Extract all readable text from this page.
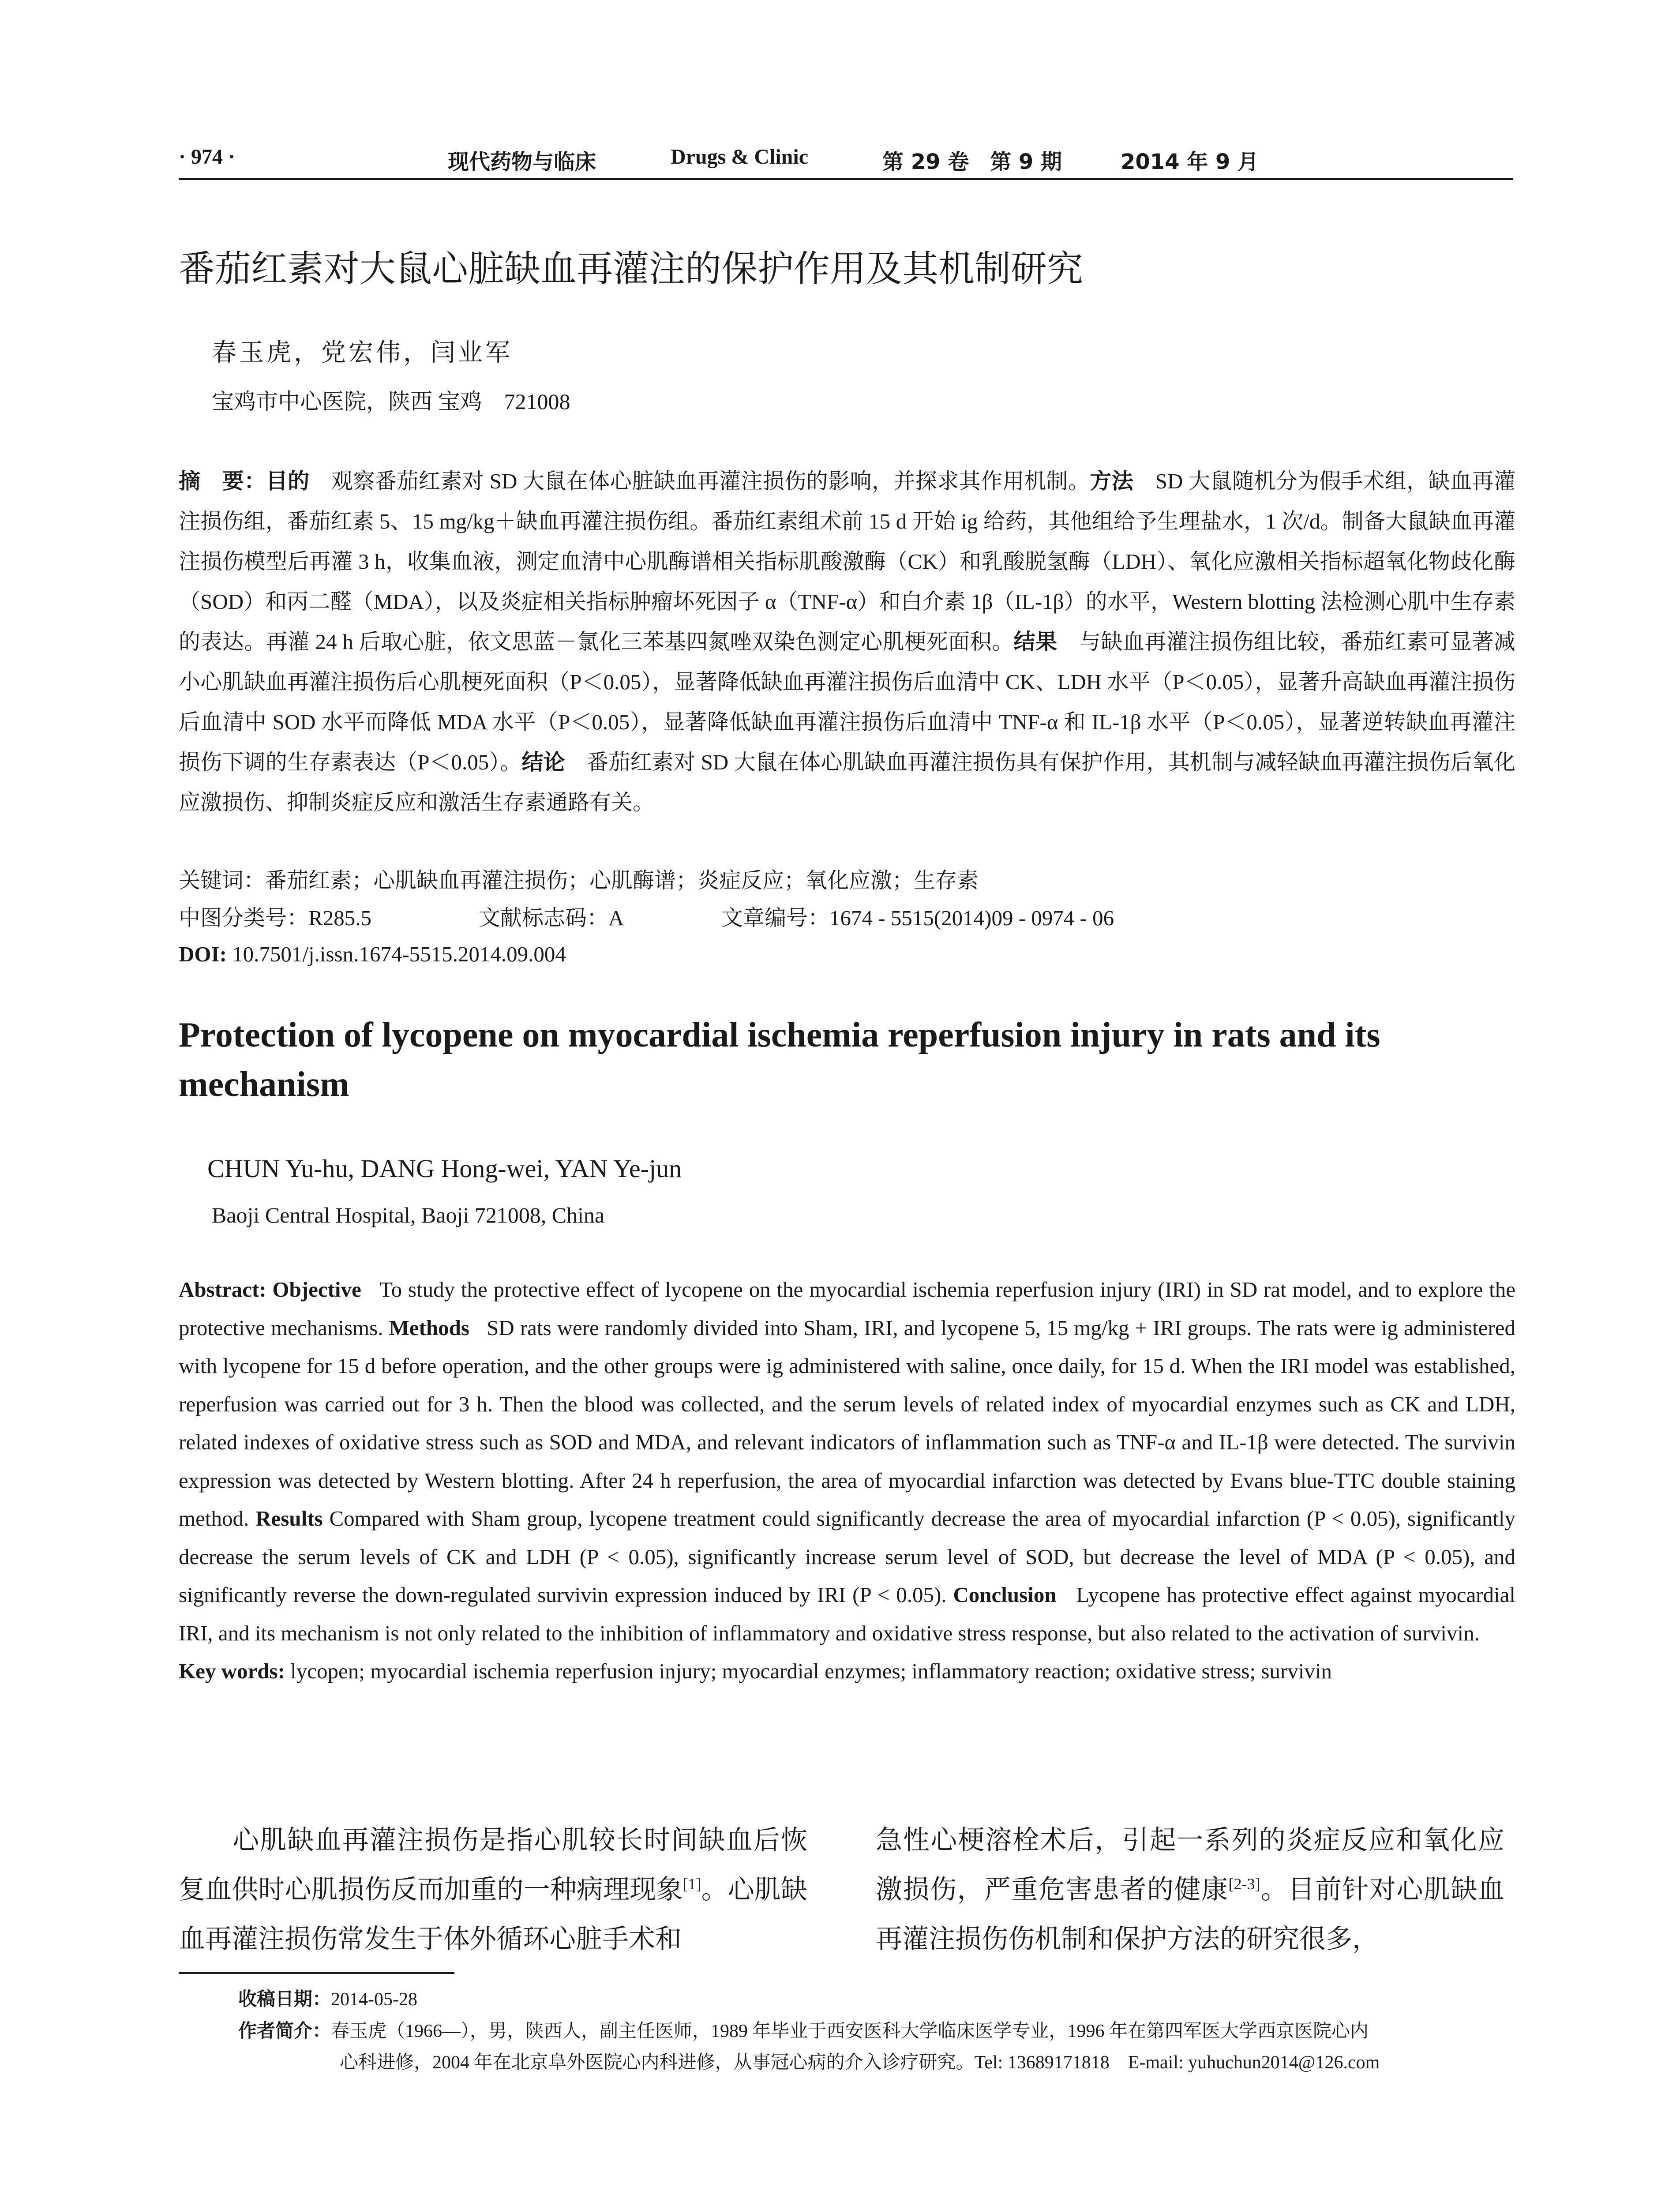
· 974 ·	现代药物与临床	Drugs & Clinic	第 29 卷　第 9 期	2014 年 9 月
番茄红素对大鼠心脏缺血再灌注的保护作用及其机制研究
春玉虎，党宏伟，闫业军
宝鸡市中心医院，陕西 宝鸡　721008
摘　要：目的　 观察番茄红素对 SD 大鼠在体心脏缺血再灌注损伤的影响，并探求其作用机制。方法　 SD 大鼠随机分为假手术组，缺血再灌注损伤组，番茄红素 5、15 mg/kg＋缺血再灌注损伤组。番茄红素组术前 15 d 开始 ig 给药，其他组给予生理盐水，1 次/d。制备大鼠缺血再灌注损伤模型后再灌 3 h，收集血液，测定血清中心肌酶谱相关指标肌酸激酶（CK）和乳酸脱氢酶（LDH）、氧化应激相关指标超氧化物歧化酶（SOD）和丙二醛（MDA），以及炎症相关指标肿瘤坏死因子 α（TNF-α）和白介素 1β（IL-1β）的水平，Western blotting 法检测心肌中生存素的表达。再灌 24 h 后取心脏，依文思蓝－氯化三苯基四氮唑双染色测定心肌梗死面积。结果　 与缺血再灌注损伤组比较，番茄红素可显著减小心肌缺血再灌注损伤后心肌梗死面积（P＜0.05），显著降低缺血再灌注损伤后血清中 CK、LDH 水平（P＜0.05），显著升高缺血再灌注损伤后血清中 SOD 水平而降低 MDA 水平（P＜0.05），显著降低缺血再灌注损伤后血清中 TNF-α 和 IL-1β 水平（P＜0.05），显著逆转缺血再灌注损伤下调的生存素表达（P＜0.05）。结论　 番茄红素对 SD 大鼠在体心肌缺血再灌注损伤具有保护作用，其机制与减轻缺血再灌注损伤后氧化应激损伤、抑制炎症反应和激活生存素通路有关。
关键词：番茄红素；心肌缺血再灌注损伤；心肌酶谱；炎症反应；氧化应激；生存素
中图分类号：R285.5	文献标志码：A	文章编号：1674 - 5515(2014)09 - 0974 - 06
DOI: 10.7501/j.issn.1674-5515.2014.09.004
Protection of lycopene on myocardial ischemia reperfusion injury in rats and its mechanism
CHUN Yu-hu, DANG Hong-wei, YAN Ye-jun
Baoji Central Hospital, Baoji 721008, China
Abstract: Objective To study the protective effect of lycopene on the myocardial ischemia reperfusion injury (IRI) in SD rat model, and to explore the protective mechanisms. Methods SD rats were randomly divided into Sham, IRI, and lycopene 5, 15 mg/kg + IRI groups. The rats were ig administered with lycopene for 15 d before operation, and the other groups were ig administered with saline, once daily, for 15 d. When the IRI model was established, reperfusion was carried out for 3 h. Then the blood was collected, and the serum levels of related index of myocardial enzymes such as CK and LDH, related indexes of oxidative stress such as SOD and MDA, and relevant indicators of inflammation such as TNF-α and IL-1β were detected. The survivin expression was detected by Western blotting. After 24 h reperfusion, the area of myocardial infarction was detected by Evans blue-TTC double staining method. Results Compared with Sham group, lycopene treatment could significantly decrease the area of myocardial infarction (P < 0.05), significantly decrease the serum levels of CK and LDH (P < 0.05), significantly increase serum level of SOD, but decrease the level of MDA (P < 0.05), and significantly reverse the down-regulated survivin expression induced by IRI (P < 0.05). Conclusion Lycopene has protective effect against myocardial IRI, and its mechanism is not only related to the inhibition of inflammatory and oxidative stress response, but also related to the activation of survivin.
Key words: lycopen; myocardial ischemia reperfusion injury; myocardial enzymes; inflammatory reaction; oxidative stress; survivin
心肌缺血再灌注损伤是指心肌较长时间缺血后恢复血供时心肌损伤反而加重的一种病理现象[1]。心肌缺血再灌注损伤常发生于体外循环心脏手术和
急性心梗溶栓术后，引起一系列的炎症反应和氧化应激损伤，严重危害患者的健康[2-3]。目前针对心肌缺血再灌注损伤伤机制和保护方法的研究很多，
收稿日期：2014-05-28
作者简介：春玉虎（1966—），男，陕西人，副主任医师，1989 年毕业于西安医科大学临床医学专业，1996 年在第四军医大学西京医院心内
心科进修，2004 年在北京阜外医院心内科进修，从事冠心病的介入诊疗研究。Tel: 13689171818　E-mail: yuhuchun2014@126.com
